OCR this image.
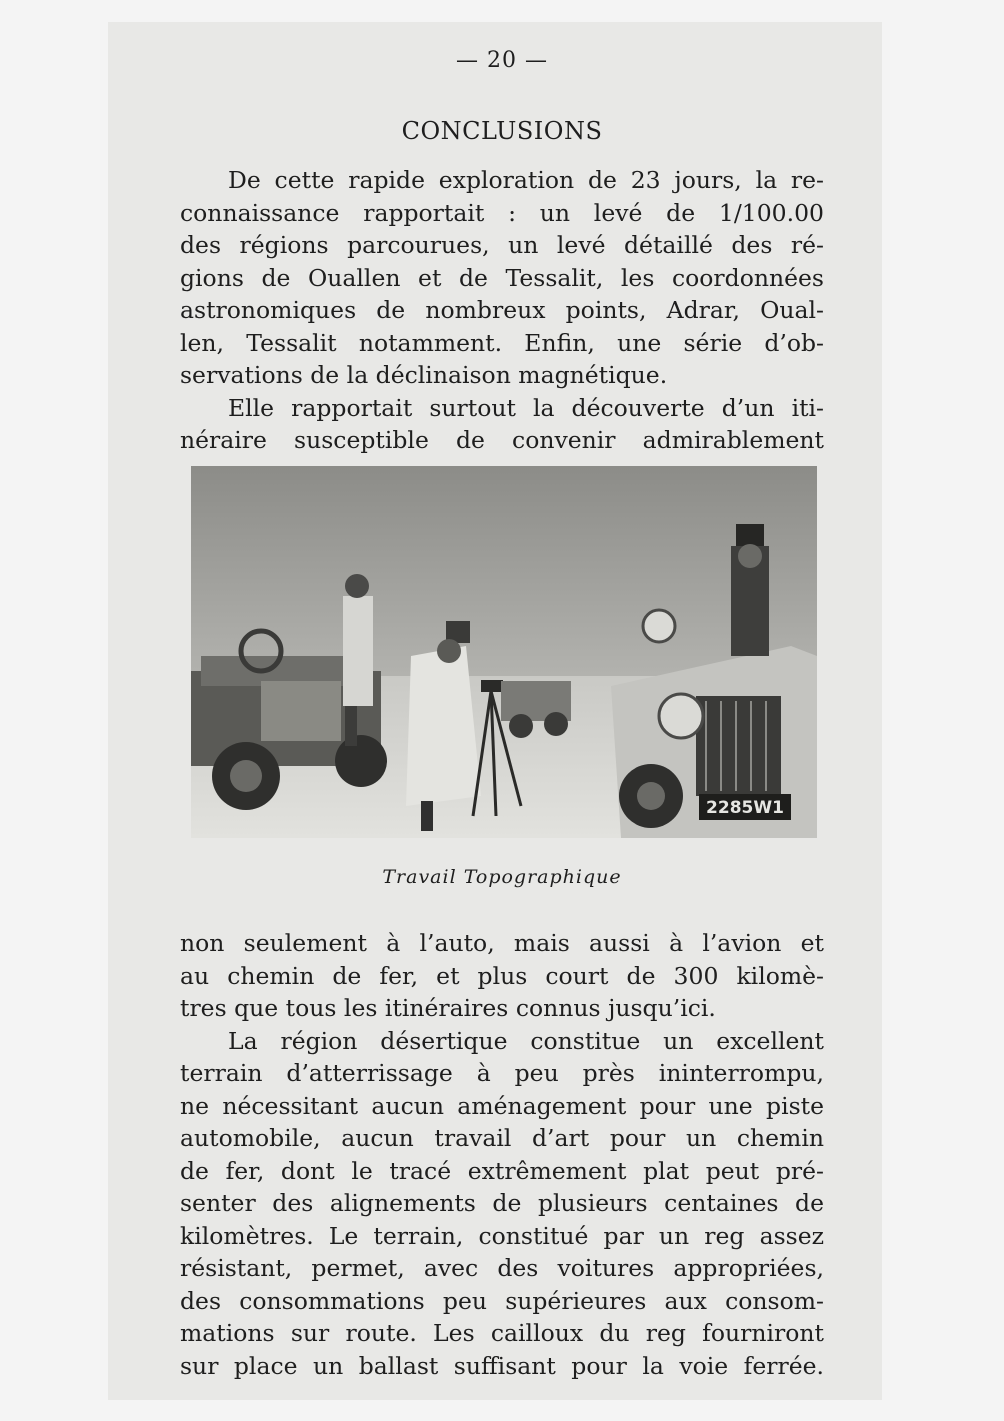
— 20 —
CONCLUSIONS
De cette rapide exploration de 23 jours, la re-
connaissance rapportait : un levé de 1/100.00
des régions parcourues, un levé détaillé des ré-
gions de Ouallen et de Tessalit, les coordonnées
astronomiques de nombreux points, Adrar, Oual-
len, Tessalit notamment. Enfin, une série d’ob-
servations de la déclinaison magnétique.
Elle rapportait surtout la découverte d’un iti-
néraire susceptible de convenir admirablement
2285W1
Travail Topographique
non seulement à l’auto, mais aussi à l’avion et
au chemin de fer, et plus court de 300 kilomè-
tres que tous les itinéraires connus jusqu’ici.
La région désertique constitue un excellent
terrain d’atterrissage à peu près ininterrompu,
ne nécessitant aucun aménagement pour une piste
automobile, aucun travail d’art pour un chemin
de fer, dont le tracé extrêmement plat peut pré-
senter des alignements de plusieurs centaines de
kilomètres. Le terrain, constitué par un reg assez
résistant, permet, avec des voitures appropriées,
des consommations peu supérieures aux consom-
mations sur route. Les cailloux du reg fourniront
sur place un ballast suffisant pour la voie ferrée.
